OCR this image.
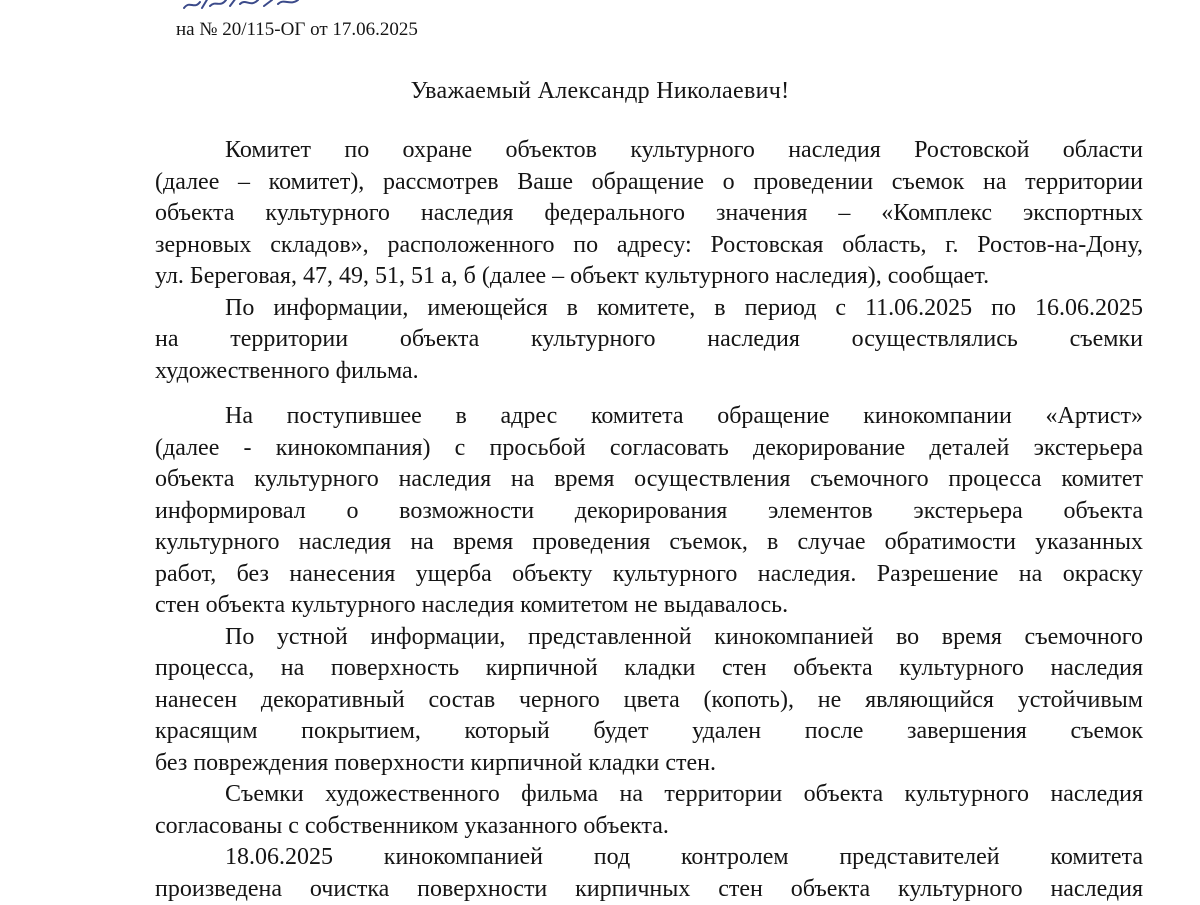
на № 20/115-ОГ от 17.06.2025
Уважаемый Александр Николаевич!

Комитет по охране объектов культурного наследия Ростовской области
(далее – комитет), рассмотрев Ваше обращение о проведении съемок на территории
объекта культурного наследия федерального значения – «Комплекс экспортных
зерновых складов», расположенного по адресу: Ростовская область, г. Ростов-на-Дону,
ул. Береговая, 47, 49, 51, 51 а, б (далее – объект культурного наследия), сообщает.

По информации, имеющейся в комитете, в период с 11.06.2025 по 16.06.2025
на территории объекта культурного наследия осуществлялись съемки
художественного фильма.

На поступившее в адрес комитета обращение кинокомпании «Артист»
(далее - кинокомпания) с просьбой согласовать декорирование деталей экстерьера
объекта культурного наследия на время осуществления съемочного процесса комитет
информировал о возможности декорирования элементов экстерьера объекта
культурного наследия на время проведения съемок, в случае обратимости указанных
работ, без нанесения ущерба объекту культурного наследия. Разрешение на окраску
стен объекта культурного наследия комитетом не выдавалось.

По устной информации, представленной кинокомпанией во время съемочного
процесса, на поверхность кирпичной кладки стен объекта культурного наследия
нанесен декоративный состав черного цвета (копоть), не являющийся устойчивым
красящим покрытием, который будет удален после завершения съемок
без повреждения поверхности кирпичной кладки стен.

Съемки художественного фильма на территории объекта культурного наследия
согласованы с собственником указанного объекта.

18.06.2025 кинокомпанией под контролем представителей комитета
произведена очистка поверхности кирпичных стен объекта культурного наследия
